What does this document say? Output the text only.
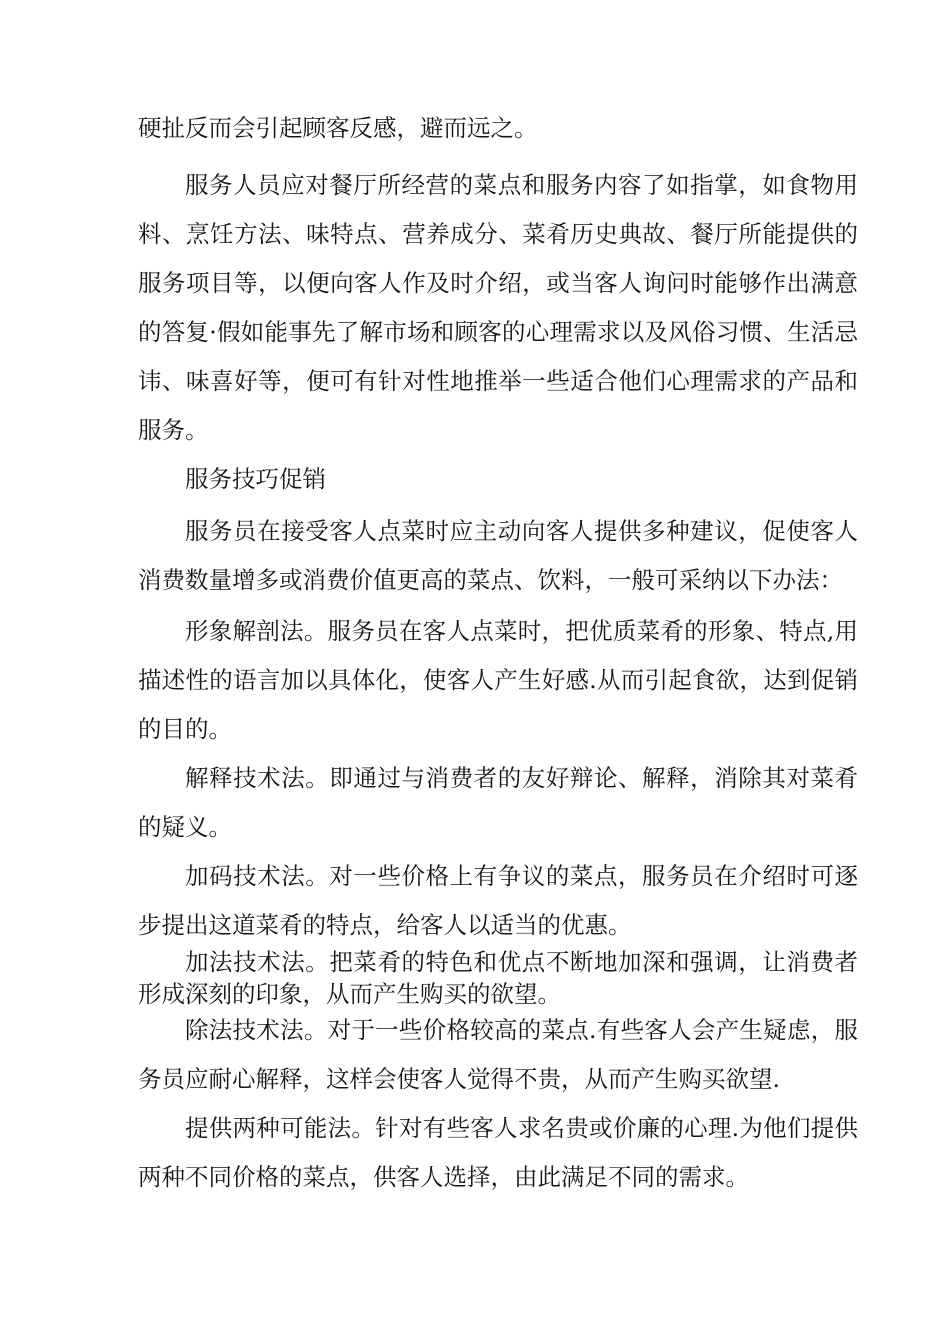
硬扯反而会引起顾客反感，避而远之。

服务人员应对餐厅所经营的菜点和服务内容了如指掌，如食物用料、烹饪方法、味特点、营养成分、菜肴历史典故、餐厅所能提供的服务项目等，以便向客人作及时介绍，或当客人询问时能够作出满意的答复·假如能事先了解市场和顾客的心理需求以及风俗习惯、生活忌讳、味喜好等，便可有针对性地推举一些适合他们心理需求的产品和服务。

服务技巧促销

服务员在接受客人点菜时应主动向客人提供多种建议，促使客人消费数量增多或消费价值更高的菜点、饮料，一般可采纳以下办法：

形象解剖法。服务员在客人点菜时，把优质菜肴的形象、特点,用描述性的语言加以具体化，使客人产生好感.从而引起食欲，达到促销的目的。

解释技术法。即通过与消费者的友好辩论、解释，消除其对菜肴的疑义。

加码技术法。对一些价格上有争议的菜点，服务员在介绍时可逐步提出这道菜肴的特点，给客人以适当的优惠。

加法技术法。把菜肴的特色和优点不断地加深和强调，让消费者形成深刻的印象，从而产生购买的欲望。

除法技术法。对于一些价格较高的菜点.有些客人会产生疑虑，服务员应耐心解释，这样会使客人觉得不贵，从而产生购买欲望.

提供两种可能法。针对有些客人求名贵或价廉的心理.为他们提供两种不同价格的菜点，供客人选择，由此满足不同的需求。
